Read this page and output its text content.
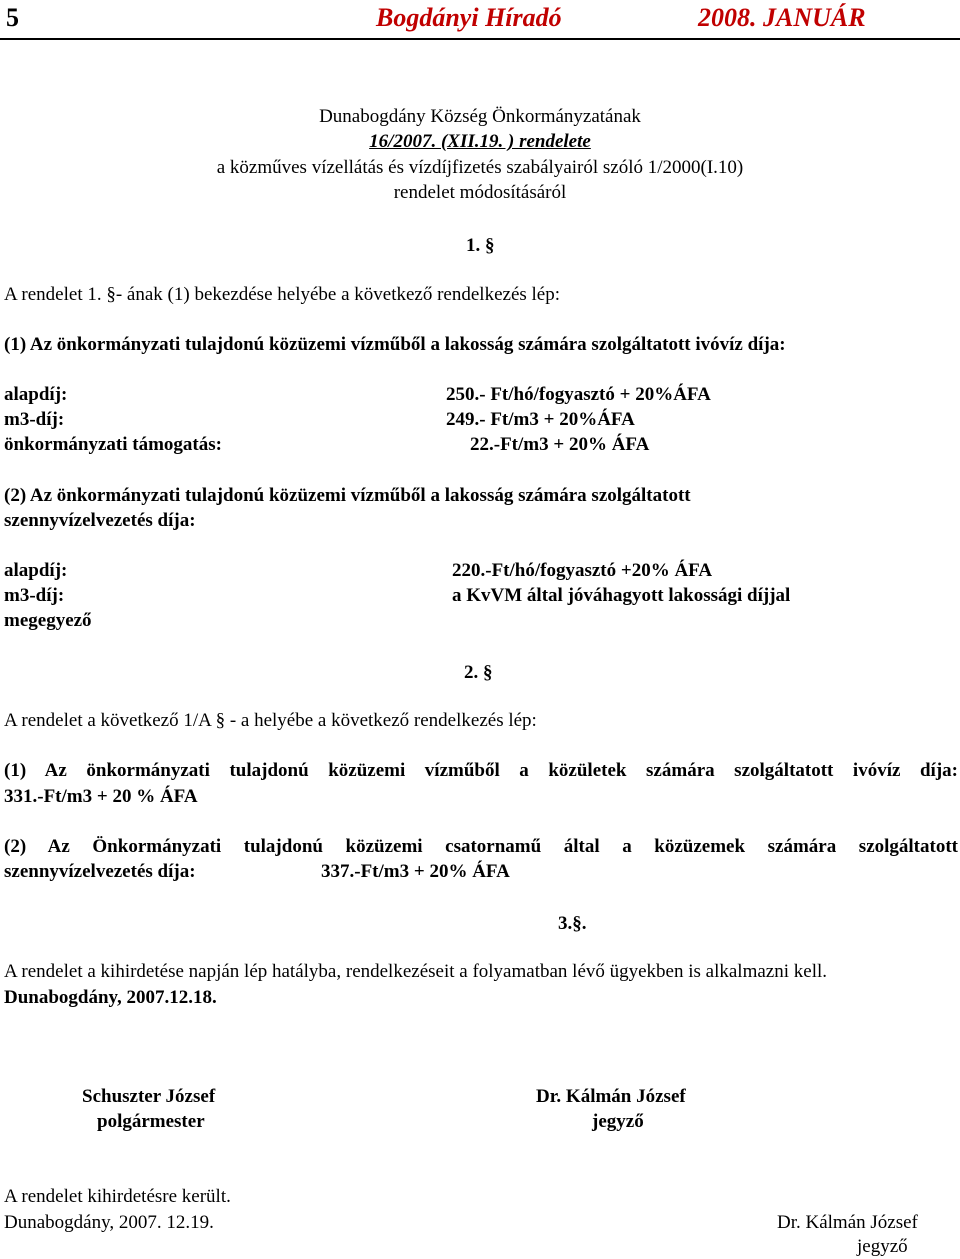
5	Bogdányi Híradó	2008. JANUÁR
Dunabogdány Község Önkormányzatának
16/2007. (XII.19. ) rendelete
a közműves vízellátás és vízdíjfizetés szabályairól szóló 1/2000(I.10)
rendelet módosításáról
1. §
A rendelet 1. §- ának (1) bekezdése helyébe a következő rendelkezés lép:
(1) Az önkormányzati tulajdonú közüzemi vízműből a lakosság számára szolgáltatott ivóvíz díja:
alapdíj:	250.- Ft/hó/fogyasztó + 20%ÁFA
m3-díj:	249.- Ft/m3 + 20%ÁFA
önkormányzati támogatás:	22.-Ft/m3 + 20% ÁFA
(2) Az önkormányzati tulajdonú közüzemi vízműből a lakosság számára szolgáltatott
szennyvízelvezetés díja:
alapdíj:	220.-Ft/hó/fogyasztó +20% ÁFA
m3-díj:	a KvVM által jóváhagyott lakossági díjjal
megegyező
2. §
A rendelet a következő 1/A § - a helyébe a következő rendelkezés lép:
(1) Az önkormányzati tulajdonú közüzemi vízműből a közületek számára szolgáltatott ivóvíz díja:
331.-Ft/m3 + 20 % ÁFA
(2) Az Önkormányzati tulajdonú közüzemi csatornamű által a közüzemek számára szolgáltatott
szennyvízelvezetés díja:	337.-Ft/m3 + 20% ÁFA
3.§.
A rendelet a kihirdetése napján lép hatályba, rendelkezéseit a folyamatban lévő ügyekben is alkalmazni kell.
Dunabogdány, 2007.12.18.
Schuszter József
polgármester
Dr. Kálmán József
jegyző
A rendelet kihirdetésre került.
Dunabogdány, 2007. 12.19.	Dr. Kálmán József
jegyző
